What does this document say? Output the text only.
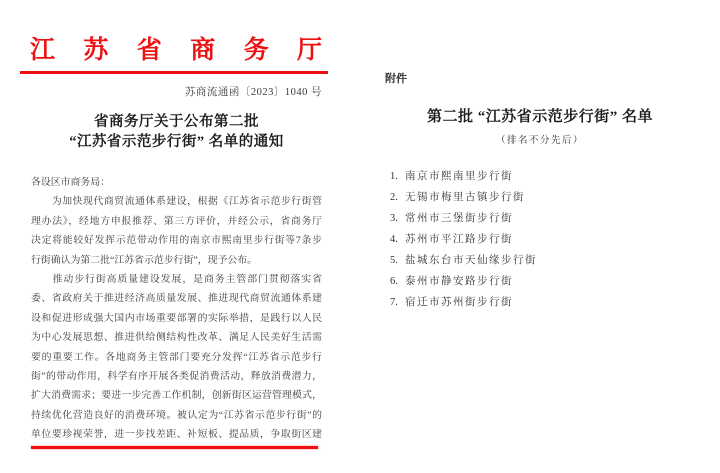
江 苏 省 商 务 厅
苏商流通函〔2023〕1040 号
省商务厅关于公布第二批
“江苏省示范步行街” 名单的通知
各设区市商务局：
　　为加快现代商贸流通体系建设，根据《江苏省示范步行街管
理办法》，经地方申报推荐、第三方评价，并经公示，省商务厅
决定将能较好发挥示范带动作用的南京市熙南里步行街等7条步
行街确认为第二批“江苏省示范步行街”，现予公布。
　　推动步行街高质量建设发展，是商务主管部门贯彻落实省
委、省政府关于推进经济高质量发展、推进现代商贸流通体系建
设和促进形成强大国内市场重要部署的实际举措，是践行以人民
为中心发展思想、推进供给侧结构性改革、满足人民美好生活需
要的重要工作。各地商务主管部门要充分发挥“江苏省示范步行
街”的带动作用，科学有序开展各类促消费活动，释放消费潜力，
扩大消费需求；要进一步完善工作机制，创新街区运营管理模式，
持续优化营造良好的消费环境。被认定为“江苏省示范步行街”的
单位要珍视荣誉，进一步找差距、补短板、提品质，争取街区建
附件
第二批 “江苏省示范步行街” 名单
（排名不分先后）
1. 南京市熙南里步行街
2. 无锡市梅里古镇步行街
3. 常州市三堡街步行街
4. 苏州市平江路步行街
5. 盐城东台市天仙缘步行街
6. 泰州市静安路步行街
7. 宿迁市苏州街步行街
